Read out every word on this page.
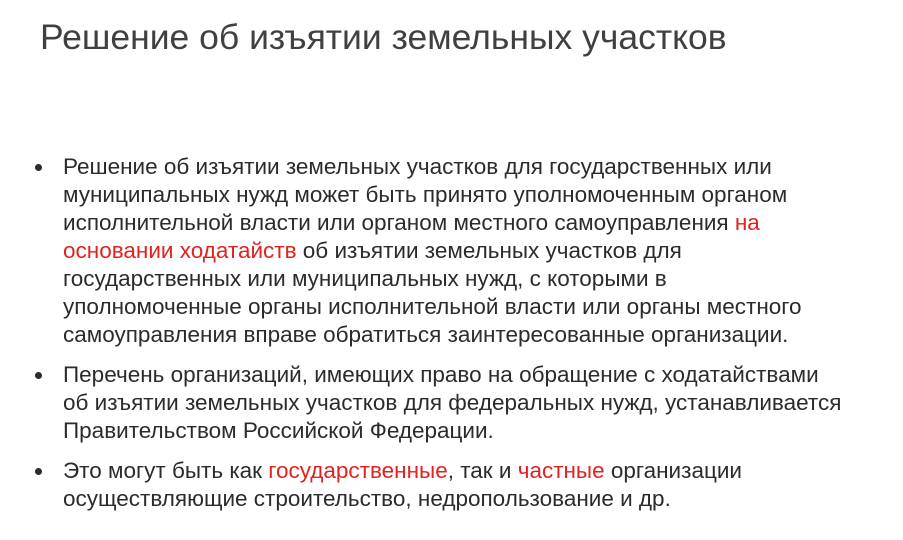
Решение об изъятии земельных участков
Решение об изъятии земельных участков для государственных или
муниципальных нужд может быть принято уполномоченным органом
исполнительной власти или органом местного самоуправления на
основании ходатайств об изъятии земельных участков для
государственных или муниципальных нужд, с которыми в
уполномоченные органы исполнительной власти или органы местного
самоуправления вправе обратиться заинтересованные организации.
Перечень организаций, имеющих право на обращение с ходатайствами
об изъятии земельных участков для федеральных нужд, устанавливается
Правительством Российской Федерации.
Это могут быть как государственные, так и частные организации
осуществляющие строительство, недропользование и др.
